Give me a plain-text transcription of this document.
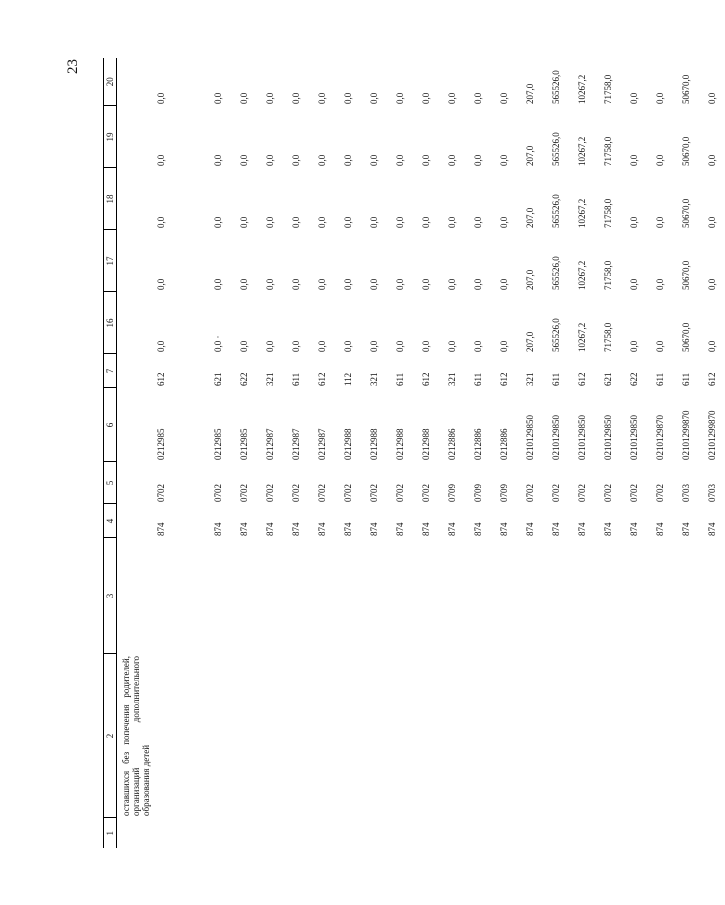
23
1	2	3	4	5	6	7	16	17	18	19	20
	оставшихся без попечения родителей, организаций дополнительного образования детей		874	0702	0212985	612	0,0	0,0	0,0	0,0	0,0
			874	0702	0212985	621	0,0 ·	0,0	0,0	0,0	0,0
			874	0702	0212985	622	0,0	0,0	0,0	0,0	0,0
			874	0702	0212987	321	0,0	0,0	0,0	0,0	0,0
			874	0702	0212987	611	0,0	0,0	0,0	0,0	0,0
			874	0702	0212987	612	0,0	0,0	0,0	0,0	0,0
			874	0702	0212988	112	0,0	0,0	0,0	0,0	0,0
			874	0702	0212988	321	0,0	0,0	0,0	0,0	0,0
			874	0702	0212988	611	0,0	0,0	0,0	0,0	0,0
			874	0702	0212988	612	0,0	0,0	0,0	0,0	0,0
			874	0709	0212886	321	0,0	0,0	0,0	0,0	0,0
			874	0709	0212886	611	0,0	0,0	0,0	0,0	0,0
			874	0709	0212886	612	0,0	0,0	0,0	0,0	0,0
			874	0702	0210129850	321	207,0	207,0	207,0	207,0	207,0
			874	0702	0210129850	611	565526,0	565526,0	565526,0	565526,0	565526,0
			874	0702	0210129850	612	10267,2	10267,2	10267,2	10267,2	10267,2
			874	0702	0210129850	621	71758,0	71758,0	71758,0	71758,0	71758,0
			874	0702	0210129850	622	0,0	0,0	0,0	0,0	0,0
			874	0702	0210129870	611	0,0	0,0	0,0	0,0	0,0
			874	0703	02101299870	611	50670,0	50670,0	50670,0	50670,0	50670,0
			874	0703	02101299870	612	0,0	0,0	0,0	0,0	0,0
